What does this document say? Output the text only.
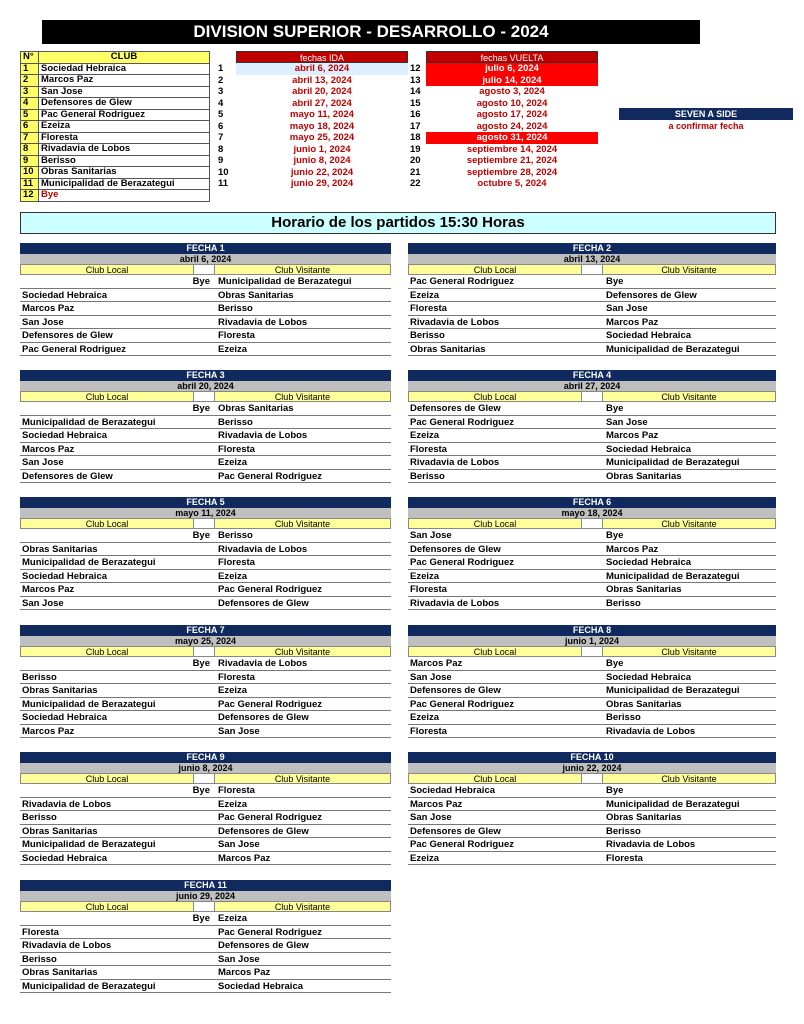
DIVISION SUPERIOR - DESARROLLO - 2024
N°	CLUB
1	Sociedad Hebraica
2	Marcos Paz
3	San Jose
4	Defensores de Glew
5	Pac General Rodriguez
6	Ezeiza
7	Floresta
8	Rivadavia de Lobos
9	Berisso
10	Obras Sanitarias
11	Municipalidad de Berazategui
12	Bye
fechas IDA
1	abril 6, 2024
2	abril 13, 2024
3	abril 20, 2024
4	abril 27, 2024
5	mayo 11, 2024
6	mayo 18, 2024
7	mayo 25, 2024
8	junio 1, 2024
9	junio 8, 2024
10	junio 22, 2024
11	junio 29, 2024
fechas VUELTA
12	julio 6, 2024
13	julio 14, 2024
14	agosto 3, 2024
15	agosto 10, 2024
16	agosto 17, 2024
17	agosto 24, 2024
18	agosto 31, 2024
19	septiembre 14, 2024
20	septiembre 21, 2024
21	septiembre 28, 2024
22	octubre 5, 2024
SEVEN A SIDE
a confirmar fecha
Horario de los partidos 15:30 Horas
FECHA 1
abril 6, 2024
Club Local	Club Visitante
Bye Municipalidad de Berazategui
Sociedad Hebraica	Obras Sanitarias
Marcos Paz	Berisso
San Jose	Rivadavia de Lobos
Defensores de Glew	Floresta
Pac General Rodriguez	Ezeiza
FECHA 2
abril 13, 2024
Club Local	Club Visitante
Pac General Rodriguez	Bye
Ezeiza	Defensores de Glew
Floresta	San Jose
Rivadavia de Lobos	Marcos Paz
Berisso	Sociedad Hebraica
Obras Sanitarias	Municipalidad de Berazategui
FECHA 3
abril 20, 2024
Club Local	Club Visitante
Bye Obras Sanitarias
Municipalidad de Berazategui	Berisso
Sociedad Hebraica	Rivadavia de Lobos
Marcos Paz	Floresta
San Jose	Ezeiza
Defensores de Glew	Pac General Rodriguez
FECHA 4
abril 27, 2024
Club Local	Club Visitante
Defensores de Glew	Bye
Pac General Rodriguez	San Jose
Ezeiza	Marcos Paz
Floresta	Sociedad Hebraica
Rivadavia de Lobos	Municipalidad de Berazategui
Berisso	Obras Sanitarias
FECHA 5
mayo 11, 2024
Club Local	Club Visitante
Bye Berisso
Obras Sanitarias	Rivadavia de Lobos
Municipalidad de Berazategui	Floresta
Sociedad Hebraica	Ezeiza
Marcos Paz	Pac General Rodriguez
San Jose	Defensores de Glew
FECHA 6
mayo 18, 2024
Club Local	Club Visitante
San Jose	Bye
Defensores de Glew	Marcos Paz
Pac General Rodriguez	Sociedad Hebraica
Ezeiza	Municipalidad de Berazategui
Floresta	Obras Sanitarias
Rivadavia de Lobos	Berisso
FECHA 7
mayo 25, 2024
Club Local	Club Visitante
Bye Rivadavia de Lobos
Berisso	Floresta
Obras Sanitarias	Ezeiza
Municipalidad de Berazategui	Pac General Rodriguez
Sociedad Hebraica	Defensores de Glew
Marcos Paz	San Jose
FECHA 8
junio 1, 2024
Club Local	Club Visitante
Marcos Paz	Bye
San Jose	Sociedad Hebraica
Defensores de Glew	Municipalidad de Berazategui
Pac General Rodriguez	Obras Sanitarias
Ezeiza	Berisso
Floresta	Rivadavia de Lobos
FECHA 9
junio 8, 2024
Club Local	Club Visitante
Bye Floresta
Rivadavia de Lobos	Ezeiza
Berisso	Pac General Rodriguez
Obras Sanitarias	Defensores de Glew
Municipalidad de Berazategui	San Jose
Sociedad Hebraica	Marcos Paz
FECHA 10
junio 22, 2024
Club Local	Club Visitante
Sociedad Hebraica	Bye
Marcos Paz	Municipalidad de Berazategui
San Jose	Obras Sanitarias
Defensores de Glew	Berisso
Pac General Rodriguez	Rivadavia de Lobos
Ezeiza	Floresta
FECHA 11
junio 29, 2024
Club Local	Club Visitante
Bye Ezeiza
Floresta	Pac General Rodriguez
Rivadavia de Lobos	Defensores de Glew
Berisso	San Jose
Obras Sanitarias	Marcos Paz
Municipalidad de Berazategui	Sociedad Hebraica
